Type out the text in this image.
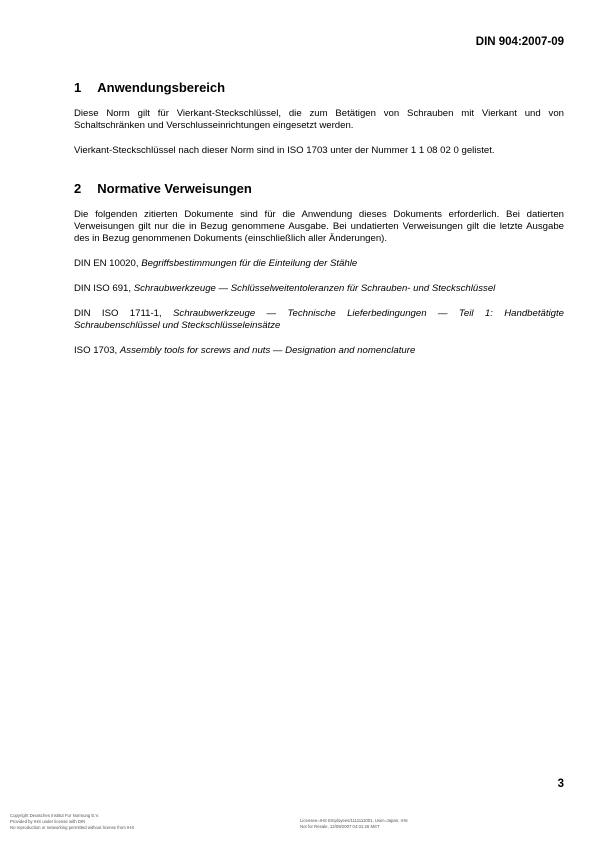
DIN 904:2007-09
1 Anwendungsbereich

Diese Norm gilt für Vierkant-Steckschlüssel, die zum Betätigen von Schrauben mit Vierkant und von Schaltschränken und Verschlusseinrichtungen eingesetzt werden.

Vierkant-Steckschlüssel nach dieser Norm sind in ISO 1703 unter der Nummer 1 1 08 02 0 gelistet.

2 Normative Verweisungen

Die folgenden zitierten Dokumente sind für die Anwendung dieses Dokuments erforderlich. Bei datierten Verweisungen gilt nur die in Bezug genommene Ausgabe. Bei undatierten Verweisungen gilt die letzte Ausgabe des in Bezug genommenen Dokuments (einschließlich aller Änderungen).

DIN EN 10020, Begriffsbestimmungen für die Einteilung der Stähle

DIN ISO 691, Schraubwerkzeuge — Schlüsselweitentoleranzen für Schrauben- und Steckschlüssel

DIN ISO 1711-1, Schraubwerkzeuge — Technische Lieferbedingungen — Teil 1: Handbetätigte Schraubenschlüssel und Steckschlüsseleinsätze

ISO 1703, Assembly tools for screws and nuts — Designation and nomenclature

3
Copyright Deutsches Institut Fur Normung E.V.
Provided by IHS under license with DIN
No reproduction or networking permitted without license from IHS
Licensee=IHS Employees/1111111001, User=Japan, IHS
Not for Resale, 12/09/2007 04:31:26 MST
